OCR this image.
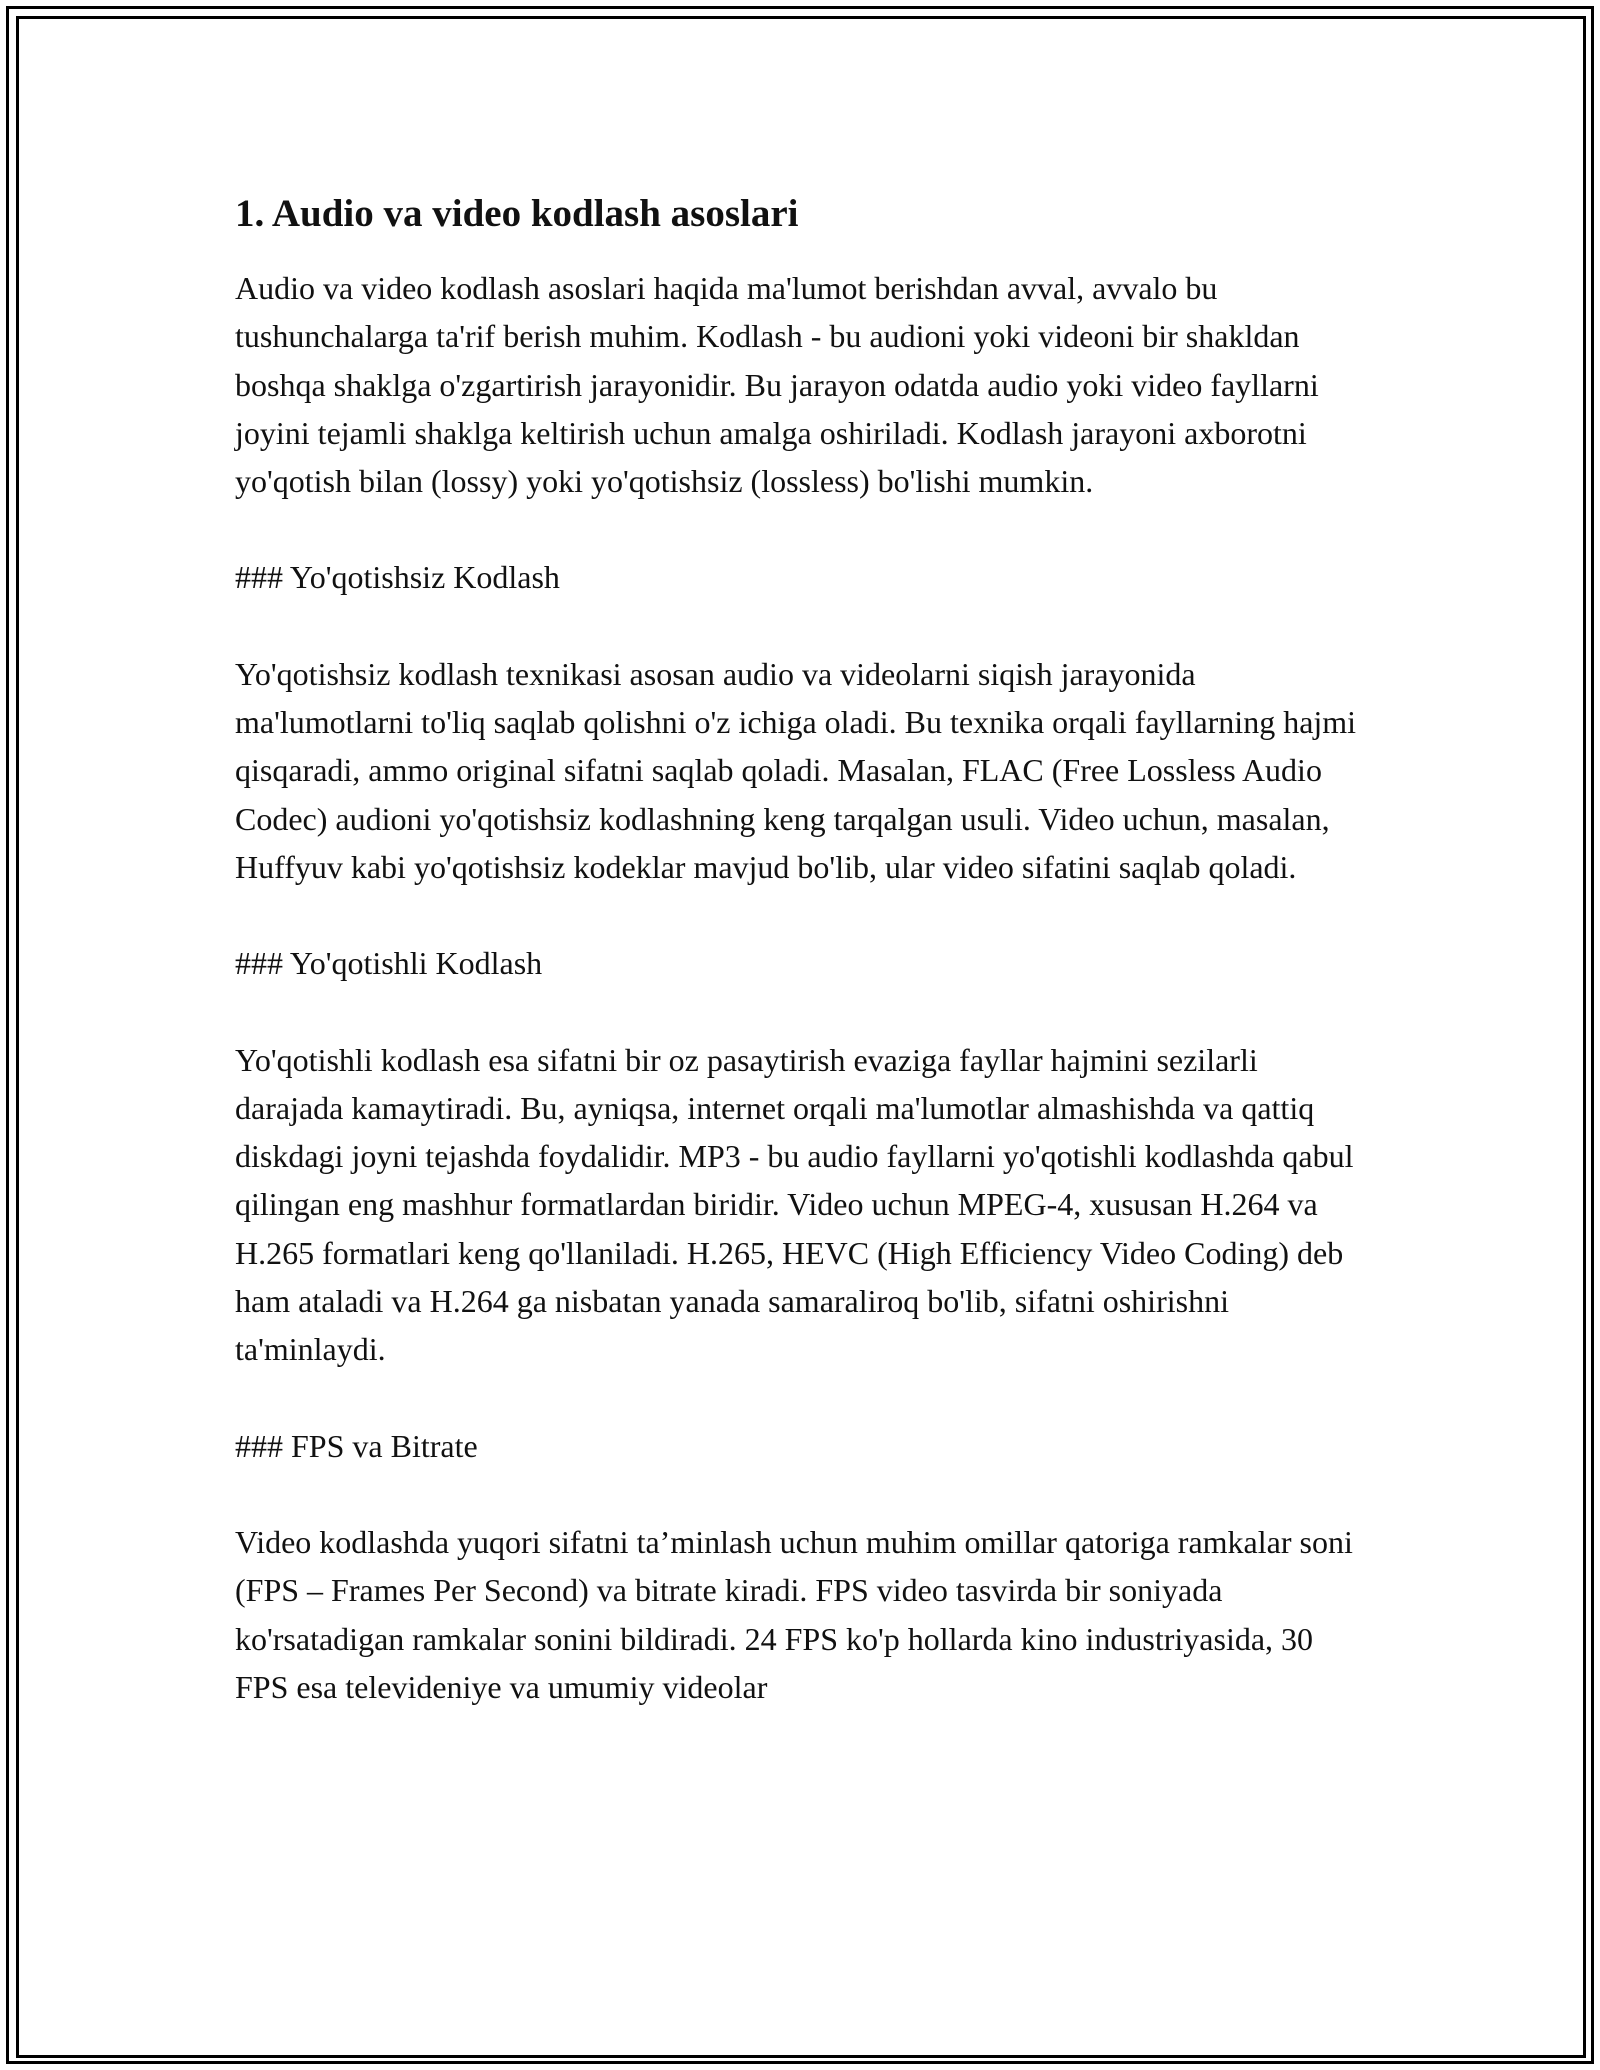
1. Audio va video kodlash asoslari

Audio va video kodlash asoslari haqida ma'lumot berishdan avval, avvalo bu tushunchalarga ta'rif berish muhim. Kodlash - bu audioni yoki videoni bir shakldan boshqa shaklga o'zgartirish jarayonidir. Bu jarayon odatda audio yoki video fayllarni joyini tejamli shaklga keltirish uchun amalga oshiriladi. Kodlash jarayoni axborotni yo'qotish bilan (lossy) yoki yo'qotishsiz (lossless) bo'lishi mumkin.

### Yo'qotishsiz Kodlash

Yo'qotishsiz kodlash texnikasi asosan audio va videolarni siqish jarayonida ma'lumotlarni to'liq saqlab qolishni o'z ichiga oladi. Bu texnika orqali fayllarning hajmi qisqaradi, ammo original sifatni saqlab qoladi. Masalan, FLAC (Free Lossless Audio Codec) audioni yo'qotishsiz kodlashning keng tarqalgan usuli. Video uchun, masalan, Huffyuv kabi yo'qotishsiz kodeklar mavjud bo'lib, ular video sifatini saqlab qoladi.

### Yo'qotishli Kodlash

Yo'qotishli kodlash esa sifatni bir oz pasaytirish evaziga fayllar hajmini sezilarli darajada kamaytiradi. Bu, ayniqsa, internet orqali ma'lumotlar almashishda va qattiq diskdagi joyni tejashda foydalidir. MP3 - bu audio fayllarni yo'qotishli kodlashda qabul qilingan eng mashhur formatlardan biridir. Video uchun MPEG-4, xususan H.264 va H.265 formatlari keng qo'llaniladi. H.265, HEVC (High Efficiency Video Coding) deb ham ataladi va H.264 ga nisbatan yanada samaraliroq bo'lib, sifatni oshirishni ta'minlaydi.

### FPS va Bitrate

Video kodlashda yuqori sifatni ta’minlash uchun muhim omillar qatoriga ramkalar soni (FPS – Frames Per Second) va bitrate kiradi. FPS video tasvirda bir soniyada ko'rsatadigan ramkalar sonini bildiradi. 24 FPS ko'p hollarda kino industriyasida, 30 FPS esa televideniye va umumiy videolar
